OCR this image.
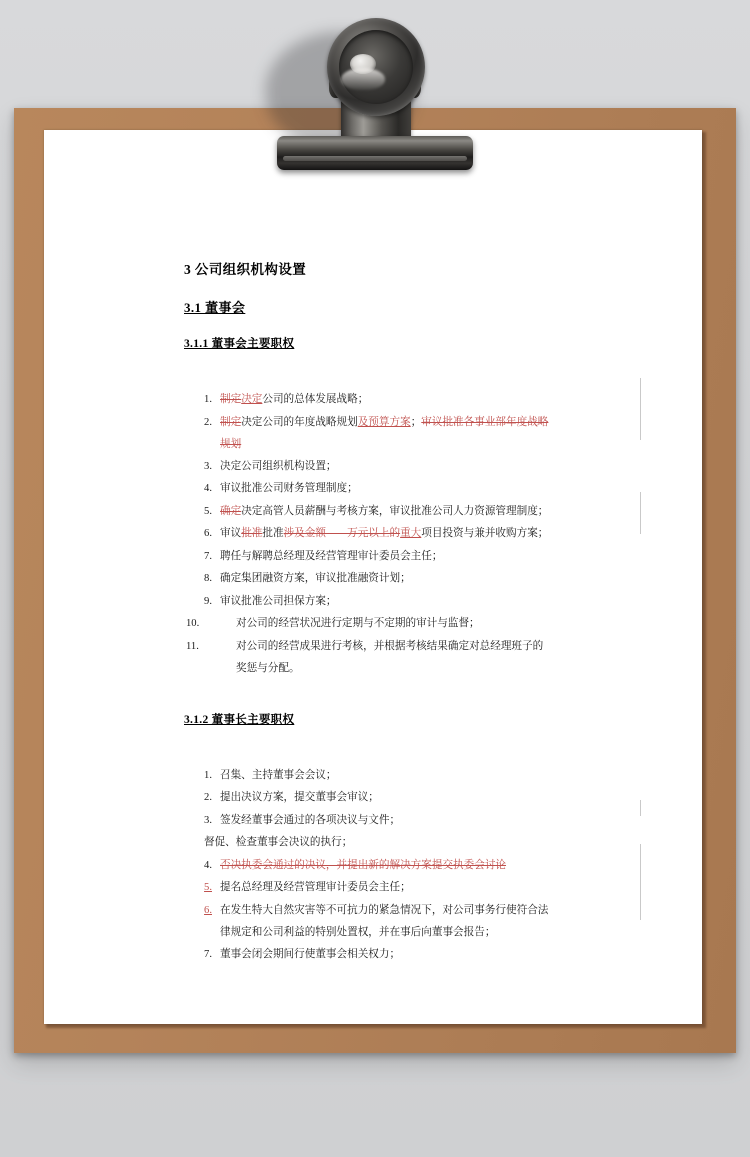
3 公司组织机构设置
3.1 董事会
3.1.1 董事会主要职权
1. 制定决定公司的总体发展战略；
2. 制定决定公司的年度战略规划及预算方案；审议批准各事业部年度战略
规划
3. 决定公司组织机构设置；
4. 审议批准公司财务管理制度；
5. 确定决定高管人员薪酬与考核方案，审议批准公司人力资源管理制度；
6. 审议批准批准涉及金额——万元以上的重大项目投资与兼并收购方案；
7. 聘任与解聘总经理及经营管理审计委员会主任；
8. 确定集团融资方案，审议批准融资计划；
9. 审议批准公司担保方案；
10.	对公司的经营状况进行定期与不定期的审计与监督；
11.	对公司的经营成果进行考核，并根据考核结果确定对总经理班子的
奖惩与分配。
3.1.2 董事长主要职权
1. 召集、主持董事会会议；
2. 提出决议方案，提交董事会审议；
3. 签发经董事会通过的各项决议与文件；
督促、检查董事会决议的执行；
4. 否决执委会通过的决议，并提出新的解决方案提交执委会讨论
5. 提名总经理及经营管理审计委员会主任；
6. 在发生特大自然灾害等不可抗力的紧急情况下，对公司事务行使符合法
律规定和公司利益的特别处置权，并在事后向董事会报告；
7. 董事会闭会期间行使董事会相关权力；
